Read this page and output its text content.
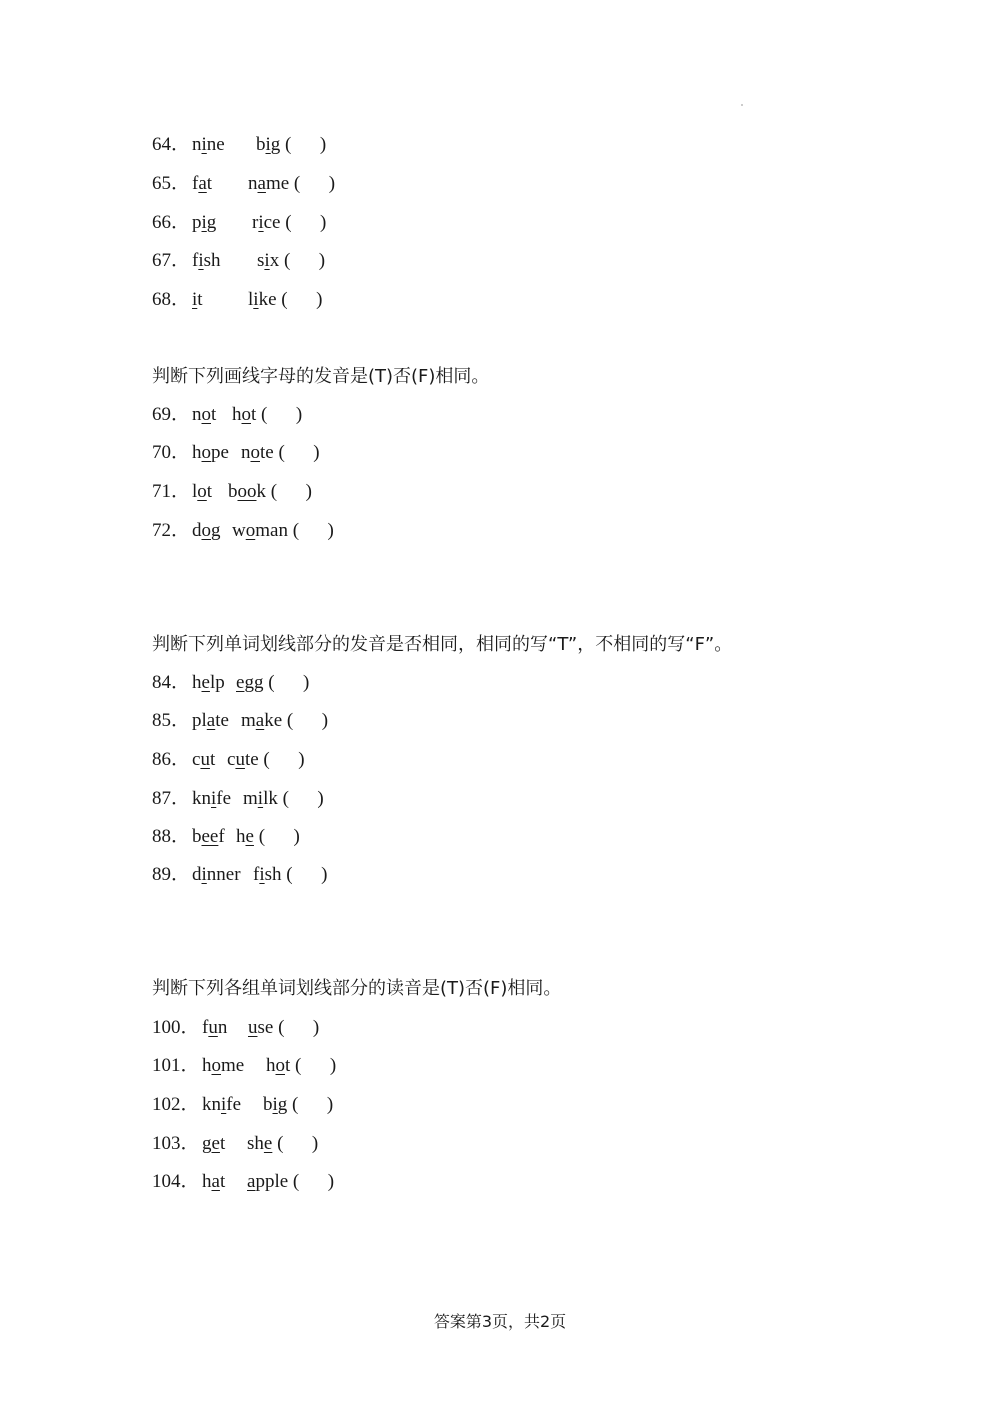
64． nine big (      )
65． fat name (      )
66． pig rice (      )
67． fish six (      )
68． it like (      )
判断下列画线字母的发音是(T)否(F)相同。
69． not hot (      )
70． hope note (      )
71． lot book (      )
72． dog woman (      )
判断下列单词划线部分的发音是否相同，相同的写“T”，不相同的写“F”。
84． help egg (      )
85． plate make (      )
86． cut cute (      )
87． knife milk (      )
88． beef he (      )
89． dinner fish (      )
判断下列各组单词划线部分的读音是(T)否(F)相同。
100． fun use (      )
101． home hot (      )
102． knife big (      )
103． get she (      )
104． hat apple (      )
答案第3页，共2页
